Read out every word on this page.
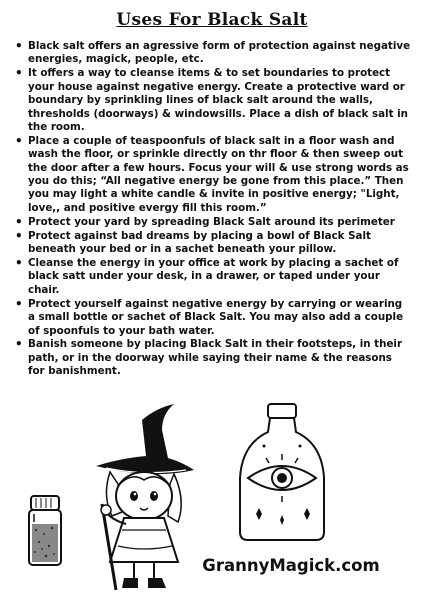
Uses For Black Salt
• Black salt offers an agressive form of protection against negative energies, magick, people, etc.
• It offers a way to cleanse items & to set boundaries to protect your house against negative energy. Create a protective ward or boundary by sprinkling lines of black salt around the walls, thresholds (doorways) & windowsills. Place a dish of black salt in the room.
• Place a couple of teaspoonfuls of black salt in a floor wash and wash the floor, or sprinkle directly on thr floor & then sweep out the door after a few hours. Focus your will & use strong words as you do this; “All negative energy be gone from this place.” Then you may light a white candle & invite in positive energy; "Light, love,, and positive evergy fill this room.”
• Protect your yard by spreading Black Salt around its perimeter
• Protect against bad dreams by placing a bowl of Black Salt beneath your bed or in a sachet beneath your pillow.
• Cleanse the energy in your office at work by placing a sachet of black satt under your desk, in a drawer, or taped under your chair.
• Protect yourself against negative energy by carrying or wearing a small bottle or sachet of Black Salt. You may also add a couple of spoonfuls to your bath water.
• Banish someone by placing Black Salt in their footsteps, in their path, or in the doorway while saying their name & the reasons for banishment.
GrannyMagick.com
